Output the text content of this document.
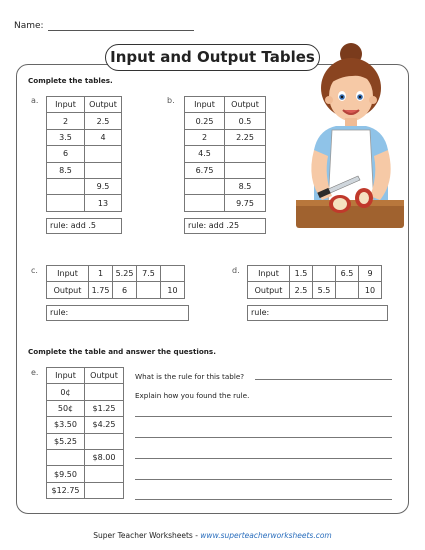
Name:
Input and Output Tables
Complete the tables.
a. Input	Output
2	2.5
3.5	4
6	
8.5	
	9.5
	13
rule: add .5
b. Input	Output
0.25	0.5
2	2.25
4.5	
6.75	
	8.5
	9.75
rule: add .25
c. Input	1	5.25	7.5	
Output	1.75	6		10
rule:
d. Input	1.5		6.5	9
Output	2.5	5.5		10
rule:
Complete the table and answer the questions.
e. Input	Output
0¢	
50¢	$1.25
$3.50	$4.25
$5.25	
	$8.00
$9.50	
$12.75	
What is the rule for this table?
Explain how you found the rule.
Super Teacher Worksheets - www.superteacherworksheets.com
